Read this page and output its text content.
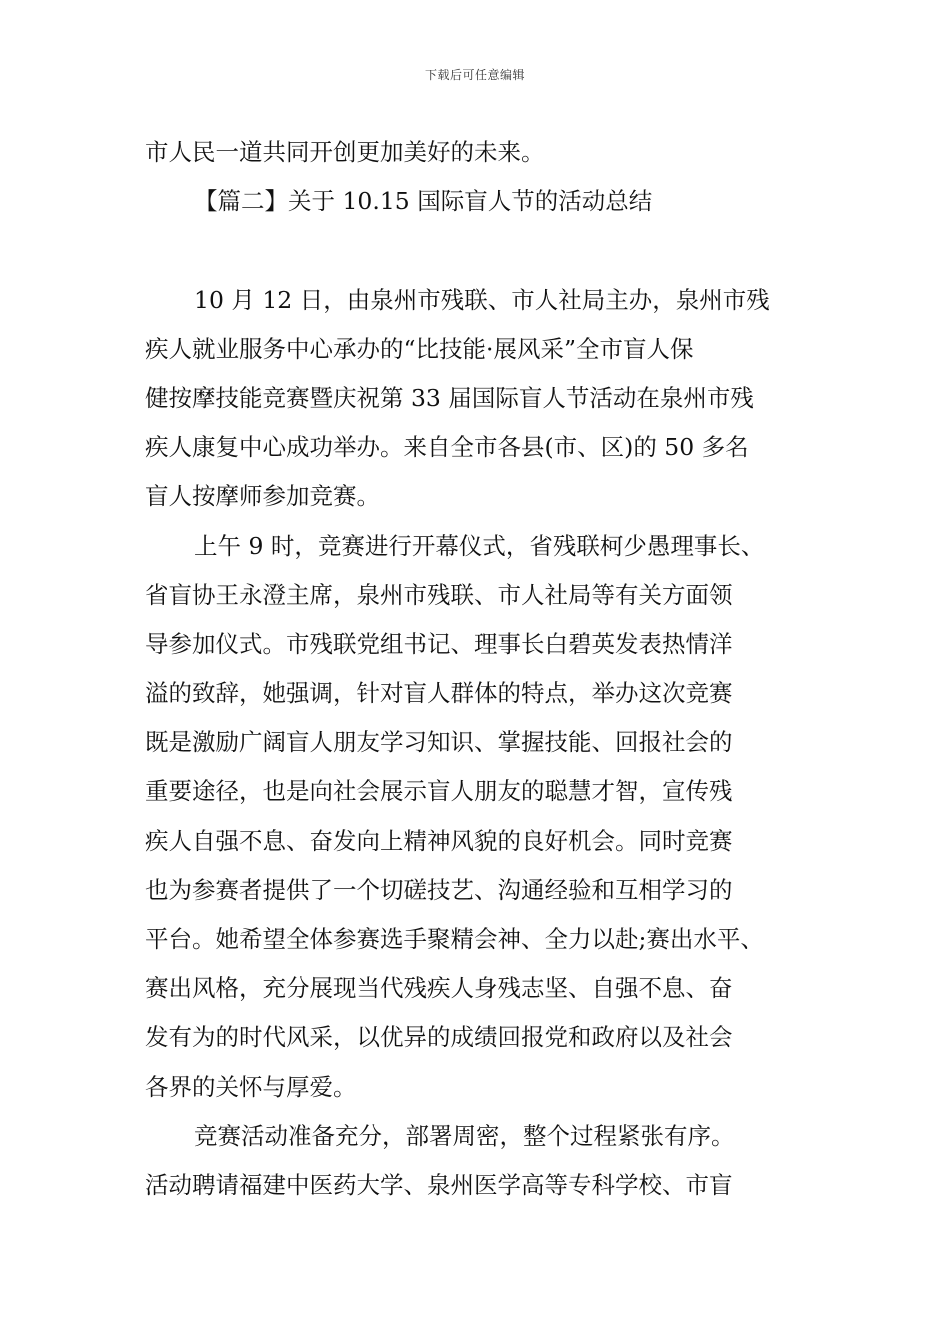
下载后可任意编辑
市人民一道共同开创更加美好的未来。
【篇二】关于 10.15 国际盲人节的活动总结
10 月 12 日，由泉州市残联、市人社局主办，泉州市残
疾人就业服务中心承办的“比技能·展风采”全市盲人保
健按摩技能竞赛暨庆祝第 33 届国际盲人节活动在泉州市残
疾人康复中心成功举办。来自全市各县(市、区)的 50 多名
盲人按摩师参加竞赛。
上午 9 时，竞赛进行开幕仪式，省残联柯少愚理事长、
省盲协王永澄主席，泉州市残联、市人社局等有关方面领
导参加仪式。市残联党组书记、理事长白碧英发表热情洋
溢的致辞，她强调，针对盲人群体的特点，举办这次竞赛
既是激励广阔盲人朋友学习知识、掌握技能、回报社会的
重要途径，也是向社会展示盲人朋友的聪慧才智，宣传残
疾人自强不息、奋发向上精神风貌的良好机会。同时竞赛
也为参赛者提供了一个切磋技艺、沟通经验和互相学习的
平台。她希望全体参赛选手聚精会神、全力以赴;赛出水平、
赛出风格，充分展现当代残疾人身残志坚、自强不息、奋
发有为的时代风采，以优异的成绩回报党和政府以及社会
各界的关怀与厚爱。
竞赛活动准备充分，部署周密，整个过程紧张有序。
活动聘请福建中医药大学、泉州医学高等专科学校、市盲
